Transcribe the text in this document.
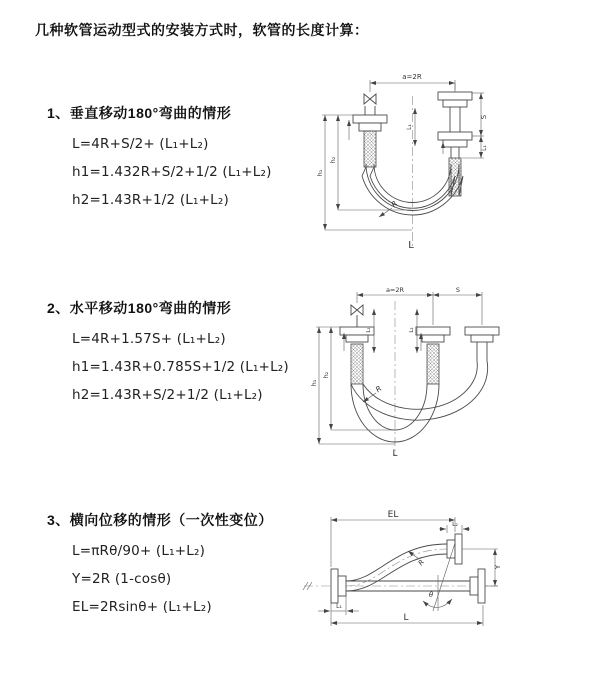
几种软管运动型式的安装方式时，软管的长度计算：
1、垂直移动180°弯曲的情形
L=4R+S/2+ (L₁+L₂)
h1=1.432R+S/2+1/2 (L₁+L₂)
h2=1.43R+1/2 (L₁+L₂)
2、水平移动180°弯曲的情形
L=4R+1.57S+ (L₁+L₂)
h1=1.43R+0.785S+1/2 (L₁+L₂)
h2=1.43R+S/2+1/2 (L₁+L₂)
3、横向位移的情形（一次性变位）
L=πRθ/90+ (L₁+L₂)
Y=2R (1-cosθ)
EL=2Rsinθ+ (L₁+L₂)
a=2R
S
L₁
h₁
h₂
L₁
R
L
a=2R	S
h₁
h₂
L₁	L₂
R
L
EL
L₂
Y
R
θ
L₁
L
